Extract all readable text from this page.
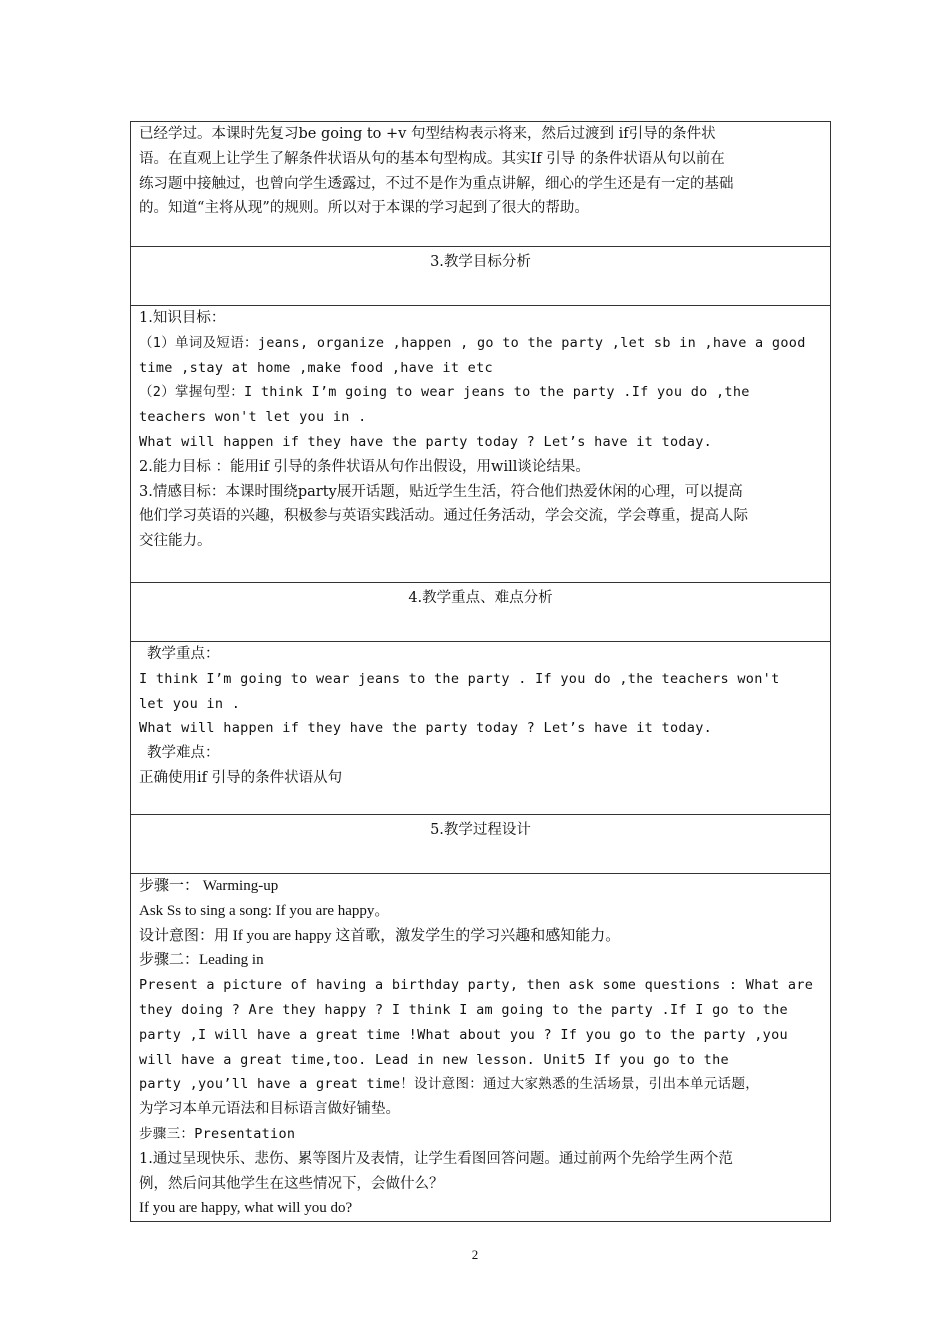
已经学过。本课时先复习be going to +v 句型结构表示将来，然后过渡到 if引导的条件状
语。在直观上让学生了解条件状语从句的基本句型构成。其实If 引导 的条件状语从句以前在
练习题中接触过，也曾向学生透露过，不过不是作为重点讲解，细心的学生还是有一定的基础
的。知道“主将从现”的规则。所以对于本课的学习起到了很大的帮助。

3.教学目标分析

1.知识目标：
（1）单词及短语：jeans, organize ,happen , go to the party ,let sb in ,have a good
time ,stay at home ,make food ,have it etc
（2）掌握句型：I think I’m going to wear jeans to the party .If you do ,the
teachers won't let you in .
What will happen if they have the party today ? Let’s have it today.
2.能力目标 ：能用if 引导的条件状语从句作出假设，用will谈论结果。
3.情感目标：本课时围绕party展开话题，贴近学生生活，符合他们热爱休闲的心理，可以提高
他们学习英语的兴趣，积极参与英语实践活动。通过任务活动，学会交流，学会尊重，提高人际
交往能力。

4.教学重点、难点分析

教学重点：
I think I’m going to wear jeans to the party . If you do ,the teachers won't
let you in .
What will happen if they have the party today ? Let’s have it today.
教学难点：
正确使用if 引导的条件状语从句

5.教学过程设计

步骤一： Warming-up
Ask Ss to sing a song: If you are happy。
设计意图：用 If you are happy 这首歌，激发学生的学习兴趣和感知能力。
步骤二：Leading in
Present a picture of having a birthday party, then ask some questions : What are
they doing ? Are they happy ? I think I am going to the party .If I go to the
party ,I will have a great time !What about you ? If you go to the party ,you
will have a great time,too. Lead in new lesson. Unit5 If you go to the
party ,you’ll have a great time！设计意图：通过大家熟悉的生活场景，引出本单元话题，
为学习本单元语法和目标语言做好铺垫。
步骤三：Presentation
1.通过呈现快乐、悲伤、累等图片及表情，让学生看图回答问题。通过前两个先给学生两个范
例，然后问其他学生在这些情况下，会做什么？
If you are happy, what will you do?
2
